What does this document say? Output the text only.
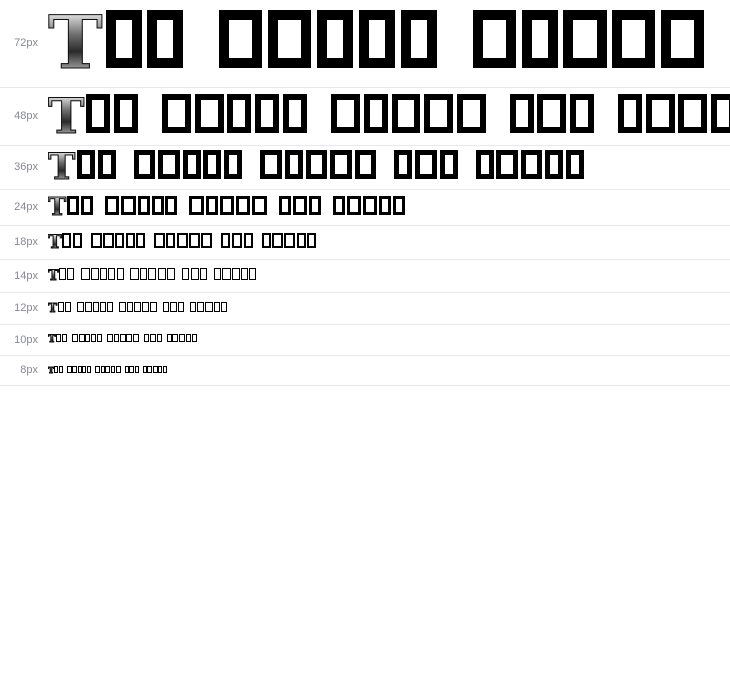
72px T
48px T
36px T
24px T
18px T
14px T
12px T
10px T
8px	T
